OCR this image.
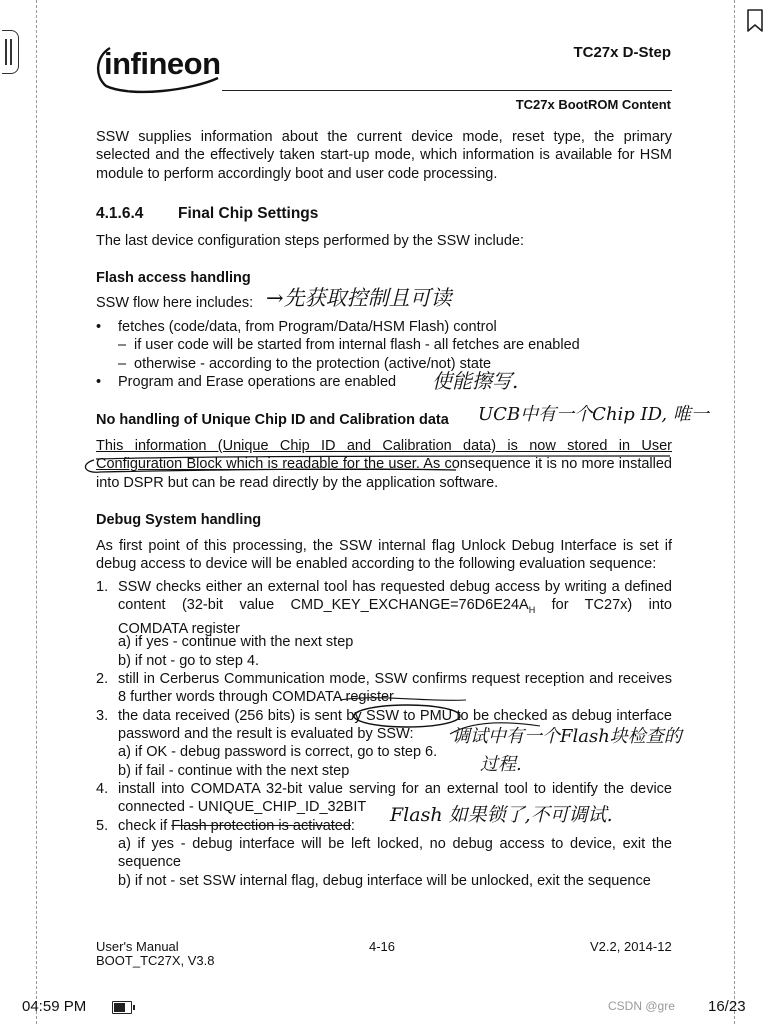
infineon	TC27x D-Step
TC27x BootROM Content
SSW supplies information about the current device mode, reset type, the primary selected and the effectively taken start-up mode, which information is available for HSM module to perform accordingly boot and user code processing.
4.1.6.4 Final Chip Settings
The last device configuration steps performed by the SSW include:
Flash access handling
SSW flow here includes:
• fetches (code/data, from Program/Data/HSM Flash) control
– if user code will be started from internal flash - all fetches are enabled
– otherwise - according to the protection (active/not) state
• Program and Erase operations are enabled
No handling of Unique Chip ID and Calibration data
This information (Unique Chip ID and Calibration data) is now stored in User Configuration Block which is readable for the user. As consequence it is no more installed into DSPR but can be read directly by the application software.
Debug System handling
As first point of this processing, the SSW internal flag Unlock Debug Interface is set if debug access to device will be enabled according to the following evaluation sequence:
1. SSW checks either an external tool has requested debug access by writing a defined content (32-bit value $CMD\_KEY\_EXCHANGE=76D6E24A_H$ for TC27x) into COMDATA register
a) if yes - continue with the next step
b) if not - go to step 4.
2. still in Cerberus Communication mode, SSW confirms request reception and receives 8 further words through COMDATA register
3. the data received (256 bits) is sent by SSW to PMU to be checked as debug interface password and the result is evaluated by SSW:
a) if OK - debug password is correct, go to step 6.
b) if fail - continue with the next step
4. install into COMDATA 32-bit value serving for an external tool to identify the device connected - UNIQUE_CHIP_ID_32BIT
5. check if Flash protection is activated:
a) if yes - debug interface will be left locked, no debug access to device, exit the sequence
b) if not - set SSW internal flag, debug interface will be unlocked, exit the sequence
→先获取控制且可读
使能擦写.
UCB中有一个Chip ID, 唯一
调试中有一个Flash块检查的
过程.
Flash 如果锁了,不可调试.
User's Manual
BOOT_TC27X, V3.8
4-16	V2.2, 2014-12
04:59 PM	CSDN @gre 16/23
